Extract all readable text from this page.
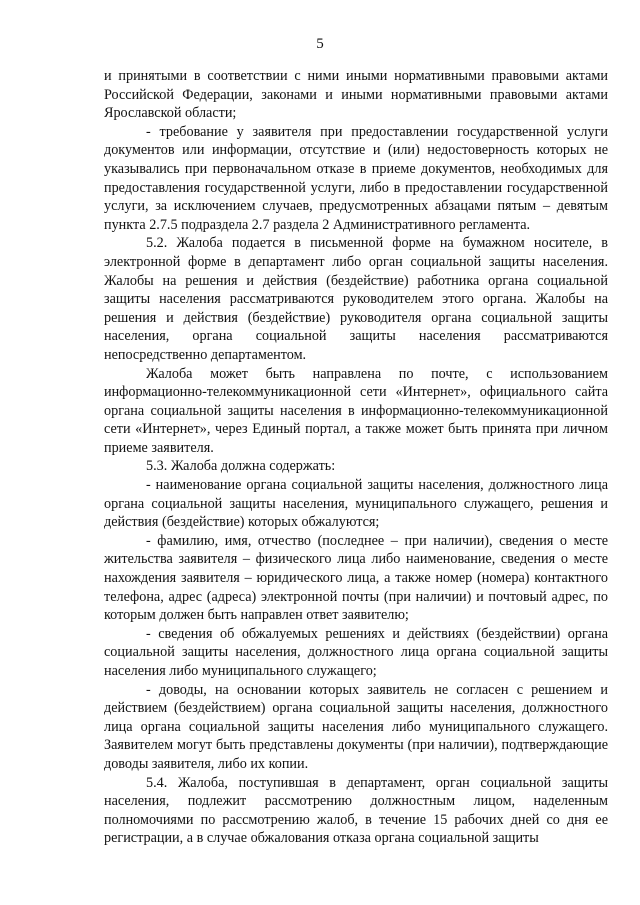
5

и принятыми в соответствии с ними иными нормативными правовыми актами Российской Федерации, законами и иными нормативными правовыми актами Ярославской области;

- требование у заявителя при предоставлении государственной услуги документов или информации, отсутствие и (или) недостоверность которых не указывались при первоначальном отказе в приеме документов, необходимых для предоставления государственной услуги, либо в предоставлении государственной услуги, за исключением случаев, предусмотренных абзацами пятым – девятым пункта 2.7.5 подраздела 2.7 раздела 2 Административного регламента.

5.2. Жалоба подается в письменной форме на бумажном носителе, в электронной форме в департамент либо орган социальной защиты населения. Жалобы на решения и действия (бездействие) работника органа социальной защиты населения рассматриваются руководителем этого органа. Жалобы на решения и действия (бездействие) руководителя органа социальной защиты населения, органа социальной защиты населения рассматриваются непосредственно департаментом.

Жалоба может быть направлена по почте, с использованием информационно-телекоммуникационной сети «Интернет», официального сайта органа социальной защиты населения в информационно-телекоммуникационной сети «Интернет», через Единый портал, а также может быть принята при личном приеме заявителя.

5.3. Жалоба должна содержать:

- наименование органа социальной защиты населения, должностного лица органа социальной защиты населения, муниципального служащего, решения и действия (бездействие) которых обжалуются;

- фамилию, имя, отчество (последнее – при наличии), сведения о месте жительства заявителя – физического лица либо наименование, сведения о месте нахождения заявителя – юридического лица, а также номер (номера) контактного телефона, адрес (адреса) электронной почты (при наличии) и почтовый адрес, по которым должен быть направлен ответ заявителю;

- сведения об обжалуемых решениях и действиях (бездействии) органа социальной защиты населения, должностного лица органа социальной защиты населения либо муниципального служащего;

- доводы, на основании которых заявитель не согласен с решением и действием (бездействием) органа социальной защиты населения, должностного лица органа социальной защиты населения либо муниципального служащего. Заявителем могут быть представлены документы (при наличии), подтверждающие доводы заявителя, либо их копии.

5.4. Жалоба, поступившая в департамент, орган социальной защиты населения, подлежит рассмотрению должностным лицом, наделенным полномочиями по рассмотрению жалоб, в течение 15 рабочих дней со дня ее регистрации, а в случае обжалования отказа органа социальной защиты
